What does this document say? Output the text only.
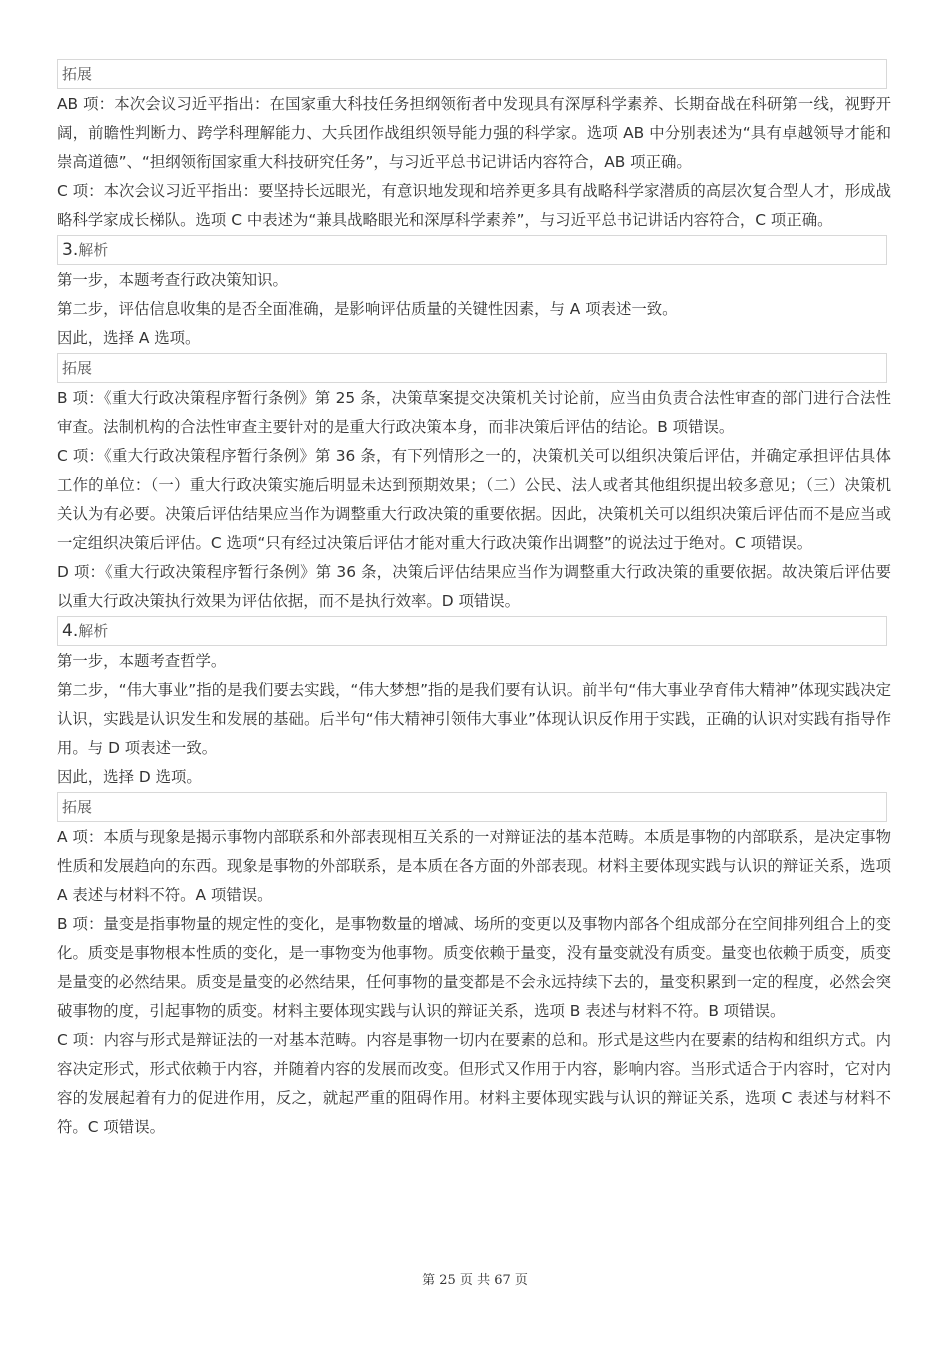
拓展

AB 项：本次会议习近平指出：在国家重大科技任务担纲领衔者中发现具有深厚科学素养、长期奋战在科研第一线，视野开阔，前瞻性判断力、跨学科理解能力、大兵团作战组织领导能力强的科学家。选项 AB 中分别表述为“具有卓越领导才能和崇高道德”、“担纲领衔国家重大科技研究任务”，与习近平总书记讲话内容符合，AB 项正确。

C 项：本次会议习近平指出：要坚持长远眼光，有意识地发现和培养更多具有战略科学家潜质的高层次复合型人才，形成战略科学家成长梯队。选项 C 中表述为“兼具战略眼光和深厚科学素养”，与习近平总书记讲话内容符合，C 项正确。

3.解析

第一步，本题考查行政决策知识。

第二步，评估信息收集的是否全面准确，是影响评估质量的关键性因素，与 A 项表述一致。

因此，选择 A 选项。

拓展

B 项：《重大行政决策程序暂行条例》第 25 条，决策草案提交决策机关讨论前，应当由负责合法性审查的部门进行合法性审查。法制机构的合法性审查主要针对的是重大行政决策本身，而非决策后评估的结论。B 项错误。

C 项：《重大行政决策程序暂行条例》第 36 条，有下列情形之一的，决策机关可以组织决策后评估，并确定承担评估具体工作的单位：（一）重大行政决策实施后明显未达到预期效果；（二）公民、法人或者其他组织提出较多意见；（三）决策机关认为有必要。决策后评估结果应当作为调整重大行政决策的重要依据。因此，决策机关可以组织决策后评估而不是应当或一定组织决策后评估。C 选项“只有经过决策后评估才能对重大行政决策作出调整”的说法过于绝对。C 项错误。

D 项：《重大行政决策程序暂行条例》第 36 条，决策后评估结果应当作为调整重大行政决策的重要依据。故决策后评估要以重大行政决策执行效果为评估依据，而不是执行效率。D 项错误。

4.解析

第一步，本题考查哲学。

第二步，“伟大事业”指的是我们要去实践，“伟大梦想”指的是我们要有认识。前半句“伟大事业孕育伟大精神”体现实践决定认识，实践是认识发生和发展的基础。后半句“伟大精神引领伟大事业”体现认识反作用于实践，正确的认识对实践有指导作用。与 D 项表述一致。

因此，选择 D 选项。

拓展

A 项：本质与现象是揭示事物内部联系和外部表现相互关系的一对辩证法的基本范畴。本质是事物的内部联系，是决定事物性质和发展趋向的东西。现象是事物的外部联系，是本质在各方面的外部表现。材料主要体现实践与认识的辩证关系，选项 A 表述与材料不符。A 项错误。

B 项：量变是指事物量的规定性的变化，是事物数量的增减、场所的变更以及事物内部各个组成部分在空间排列组合上的变化。质变是事物根本性质的变化，是一事物变为他事物。质变依赖于量变，没有量变就没有质变。量变也依赖于质变，质变是量变的必然结果。质变是量变的必然结果，任何事物的量变都是不会永远持续下去的，量变积累到一定的程度，必然会突破事物的度，引起事物的质变。材料主要体现实践与认识的辩证关系，选项 B 表述与材料不符。B 项错误。

C 项：内容与形式是辩证法的一对基本范畴。内容是事物一切内在要素的总和。形式是这些内在要素的结构和组织方式。内容决定形式，形式依赖于内容，并随着内容的发展而改变。但形式又作用于内容，影响内容。当形式适合于内容时，它对内容的发展起着有力的促进作用，反之，就起严重的阻碍作用。材料主要体现实践与认识的辩证关系，选项 C 表述与材料不符。C 项错误。

第 25 页 共 67 页
